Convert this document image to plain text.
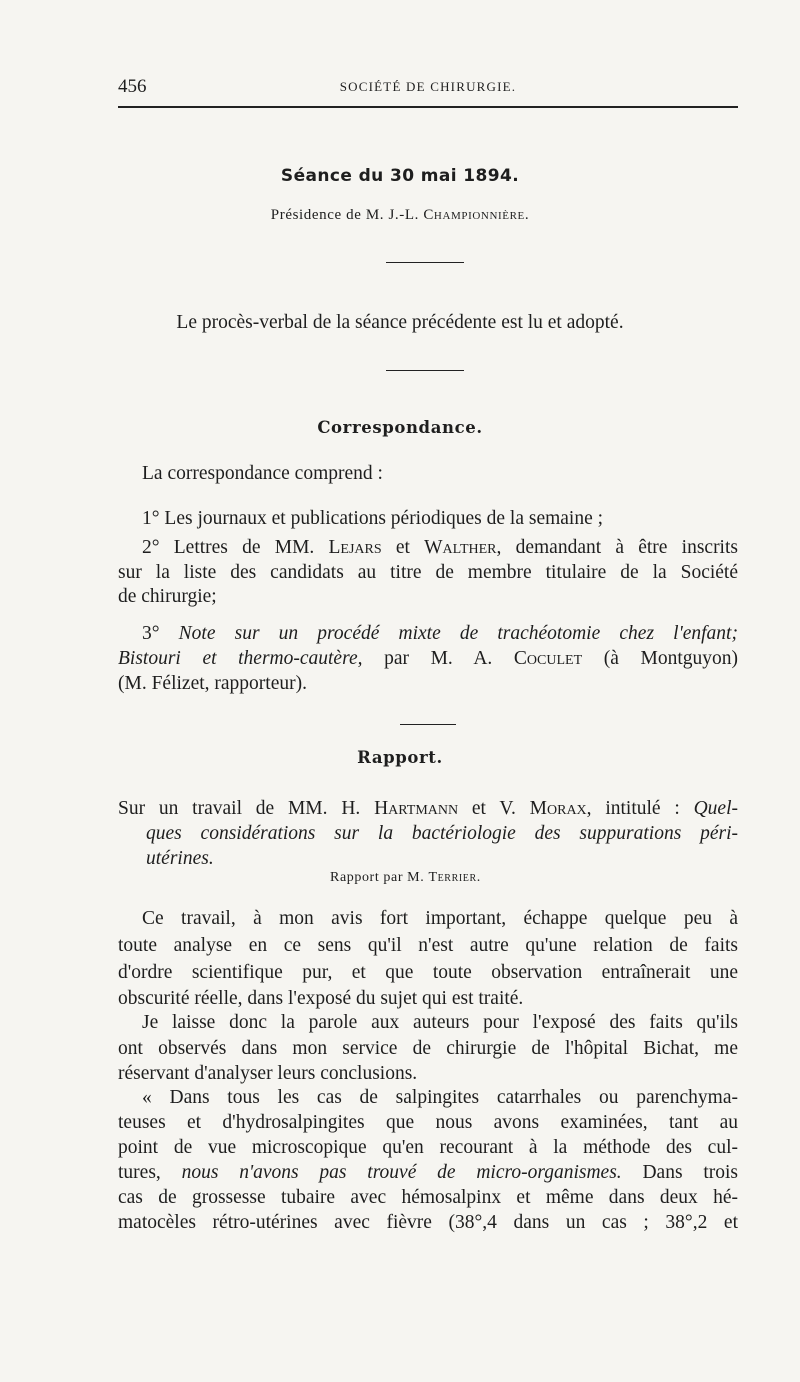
456	SOCIÉTÉ DE CHIRURGIE.
Séance du 30 mai 1894.
Présidence de M. J.-L. Championnière.
Le procès-verbal de la séance précédente est lu et adopté.
Correspondance.
La correspondance comprend :
1° Les journaux et publications périodiques de la semaine ;
2° Lettres de MM. Lejars et Walther, demandant à être inscrits
sur la liste des candidats au titre de membre titulaire de la Société
de chirurgie;
3° Note sur un procédé mixte de trachéotomie chez l'enfant;
Bistouri et thermo-cautère, par M. A. Coculet (à Montguyon)
(M. Félizet, rapporteur).
Rapport.
Sur un travail de MM. H. Hartmann et V. Morax, intitulé : Quel-
ques considérations sur la bactériologie des suppurations péri-
utérines.
Rapport par M. Terrier.
Ce travail, à mon avis fort important, échappe quelque peu à
toute analyse en ce sens qu'il n'est autre qu'une relation de faits
d'ordre scientifique pur, et que toute observation entraînerait une
obscurité réelle, dans l'exposé du sujet qui est traité.
Je laisse donc la parole aux auteurs pour l'exposé des faits qu'ils
ont observés dans mon service de chirurgie de l'hôpital Bichat, me
réservant d'analyser leurs conclusions.
« Dans tous les cas de salpingites catarrhales ou parenchyma-
teuses et d'hydrosalpingites que nous avons examinées, tant au
point de vue microscopique qu'en recourant à la méthode des cul-
tures, nous n'avons pas trouvé de micro-organismes. Dans trois
cas de grossesse tubaire avec hémosalpinx et même dans deux hé-
matocèles rétro-utérines avec fièvre (38°,4 dans un cas ; 38°,2 et
